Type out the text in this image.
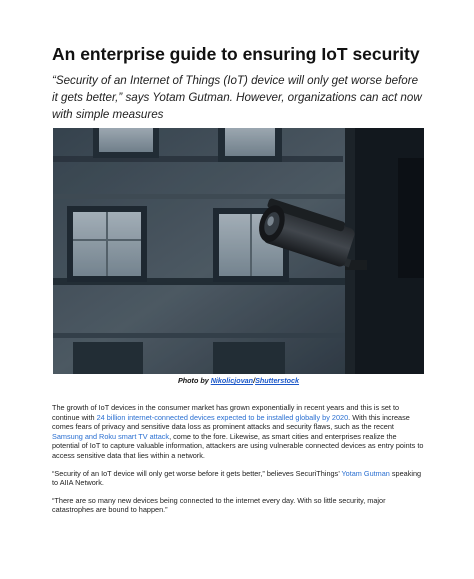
An enterprise guide to ensuring IoT security

“Security of an Internet of Things (IoT) device will only get worse before it gets better,” says Yotam Gutman. However, organizations can act now with simple measures

Photo by Nikolicjovan/Shutterstock

The growth of IoT devices in the consumer market has grown exponentially in recent years and this is set to continue with 24 billion internet-connected devices expected to be installed globally by 2020. With this increase comes fears of privacy and sensitive data loss as prominent attacks and security flaws, such as the recent Samsung and Roku smart TV attack, come to the fore. Likewise, as smart cities and enterprises realize the potential of IoT to capture valuable information, attackers are using vulnerable connected devices as entry points to access sensitive data that lies within a network.

“Security of an IoT device will only get worse before it gets better,” believes SecuriThings’ Yotam Gutman speaking to AIIA Network.

“There are so many new devices being connected to the internet every day. With so little security, major catastrophes are bound to happen.”
